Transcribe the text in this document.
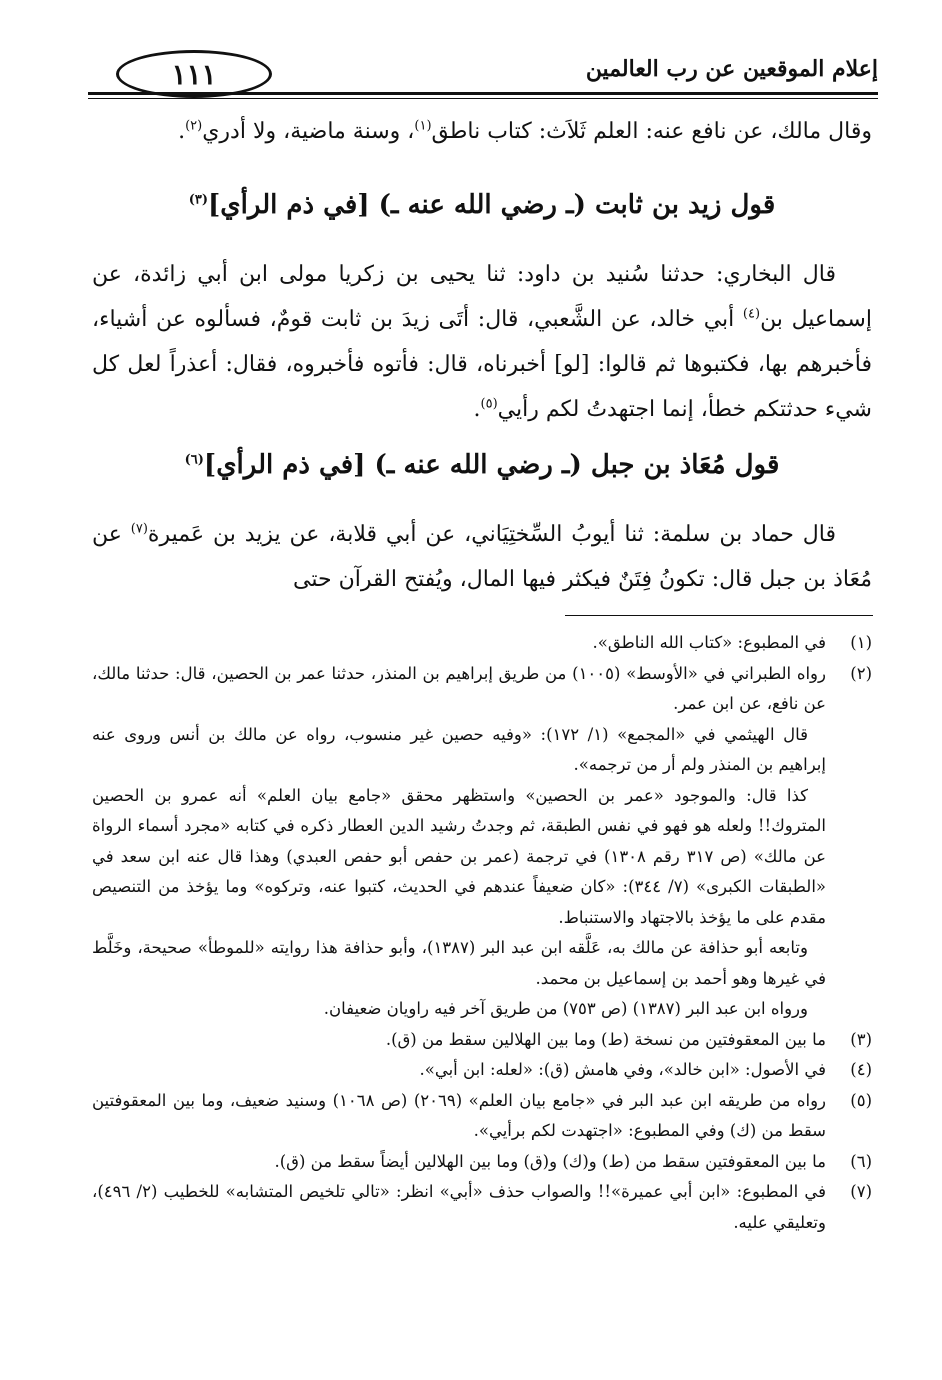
إعلام الموقعين عن رب العالمين
١١١
وقال مالك، عن نافع عنه: العلم ثَلاَث: كتاب ناطق$^{(١)}$، وسنة ماضية، ولا أدري$^{(٢)}$.
قول زيد بن ثابت (ـ رضي الله عنه ـ) [في ذم الرأي]$^{(٣)}$
قال البخاري: حدثنا سُنيد بن داود: ثنا يحيى بن زكريا مولى ابن أبي زائدة، عن إسماعيل بن$^{(٤)}$ أبي خالد، عن الشَّعبي، قال: أتَى زيدَ بن ثابت قومٌ، فسألوه عن أشياء، فأخبرهم بها، فكتبوها ثم قالوا: [لو] أخبرناه، قال: فأتوه فأخبروه، فقال: أعذراً لعل كل شيء حدثتكم خطأ، إنما اجتهدتُ لكم رأيي$^{(٥)}$.
قول مُعَاذ بن جبل (ـ رضي الله عنه ـ) [في ذم الرأي]$^{(٦)}$
قال حماد بن سلمة: ثنا أيوبُ السِّختِيَاني، عن أبي قلابة، عن يزيد بن عَميرة$^{(٧)}$ عن مُعَاذ بن جبل قال: تكونُ فِتَنٌ فيكثر فيها المال، ويُفتح القرآن حتى
(١)
في المطبوع: «كتاب الله الناطق».
(٢)
رواه الطبراني في «الأوسط» (١٠٠٥) من طريق إبراهيم بن المنذر، حدثنا عمر بن الحصين، قال: حدثنا مالك، عن نافع، عن ابن عمر.
قال الهيثمي في «المجمع» (١/ ١٧٢): «وفيه حصين غير منسوب، رواه عن مالك بن أنس وروى عنه إبراهيم بن المنذر ولم أر من ترجمه».
كذا قال: والموجود «عمر بن الحصين» واستظهر محقق «جامع بيان العلم» أنه عمرو بن الحصين المتروك!! ولعله هو فهو في نفس الطبقة، ثم وجدتُ رشيد الدين العطار ذكره في كتابه «مجرد أسماء الرواة عن مالك» (ص ٣١٧ رقم ١٣٠٨) في ترجمة (عمر بن حفص أبو حفص العبدي) وهذا قال عنه ابن سعد في «الطبقات الكبرى» (٧/ ٣٤٤): «كان ضعيفاً عندهم في الحديث، كتبوا عنه، وتركوه» وما يؤخذ من التنصيص مقدم على ما يؤخذ بالاجتهاد والاستنباط.
وتابعه أبو حذافة عن مالك به، عَلَّقه ابن عبد البر (١٣٨٧)، وأبو حذافة هذا روايته «للموطأ» صحيحة، وخَلَّط في غيرها وهو أحمد بن إسماعيل بن محمد.
ورواه ابن عبد البر (١٣٨٧) (ص ٧٥٣) من طريق آخر فيه راويان ضعيفان.
(٣)
ما بين المعقوفتين من نسخة (ط) وما بين الهلالين سقط من (ق).
(٤)
في الأصول: «ابن خالد»، وفي هامش (ق): «لعله: ابن أبي».
(٥)
رواه من طريقه ابن عبد البر في «جامع بيان العلم» (٢٠٦٩) (ص ١٠٦٨) وسنيد ضعيف، وما بين المعقوفتين سقط من (ك) وفي المطبوع: «اجتهدت لكم برأيي».
(٦)
ما بين المعقوفتين سقط من (ط) و(ك) و(ق) وما بين الهلالين أيضاً سقط من (ق).
(٧)
في المطبوع: «ابن أبي عميرة»!! والصواب حذف «أبي» انظر: «تالي تلخيص المتشابه» للخطيب (٢/ ٤٩٦)، وتعليقي عليه.
